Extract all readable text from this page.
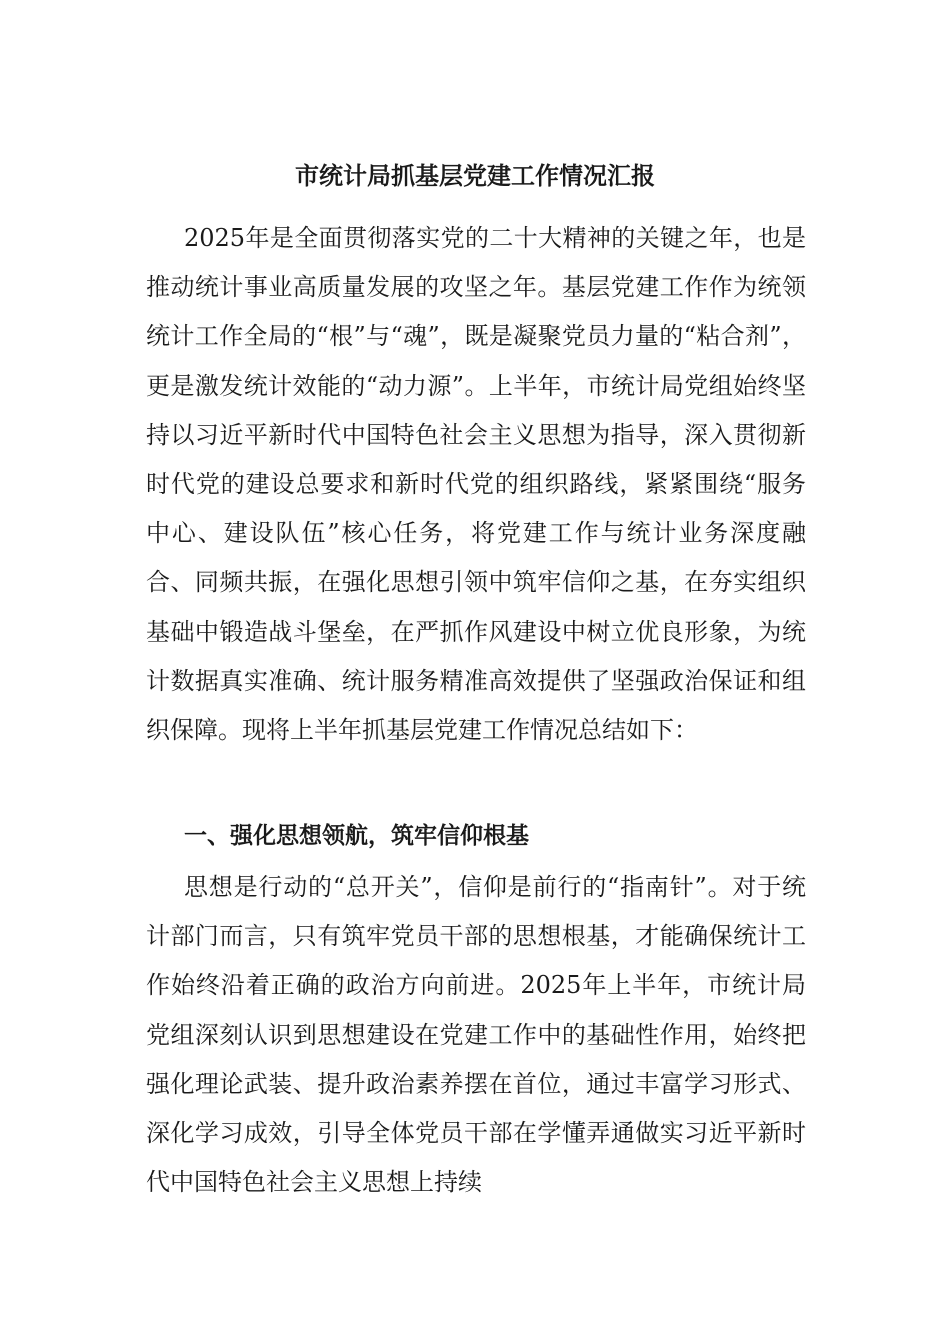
市统计局抓基层党建工作情况汇报

2025年是全面贯彻落实党的二十大精神的关键之年，也是推动统计事业高质量发展的攻坚之年。基层党建工作作为统领统计工作全局的“根”与“魂”，既是凝聚党员力量的“粘合剂”，更是激发统计效能的“动力源”。上半年，市统计局党组始终坚持以习近平新时代中国特色社会主义思想为指导，深入贯彻新时代党的建设总要求和新时代党的组织路线，紧紧围绕“服务中心、建设队伍”核心任务，将党建工作与统计业务深度融合、同频共振，在强化思想引领中筑牢信仰之基，在夯实组织基础中锻造战斗堡垒，在严抓作风建设中树立优良形象，为统计数据真实准确、统计服务精准高效提供了坚强政治保证和组织保障。现将上半年抓基层党建工作情况总结如下：

一、强化思想领航，筑牢信仰根基

思想是行动的“总开关”，信仰是前行的“指南针”。对于统计部门而言，只有筑牢党员干部的思想根基，才能确保统计工作始终沿着正确的政治方向前进。2025年上半年，市统计局党组深刻认识到思想建设在党建工作中的基础性作用，始终把强化理论武装、提升政治素养摆在首位，通过丰富学习形式、深化学习成效，引导全体党员干部在学懂弄通做实习近平新时代中国特色社会主义思想上持续
